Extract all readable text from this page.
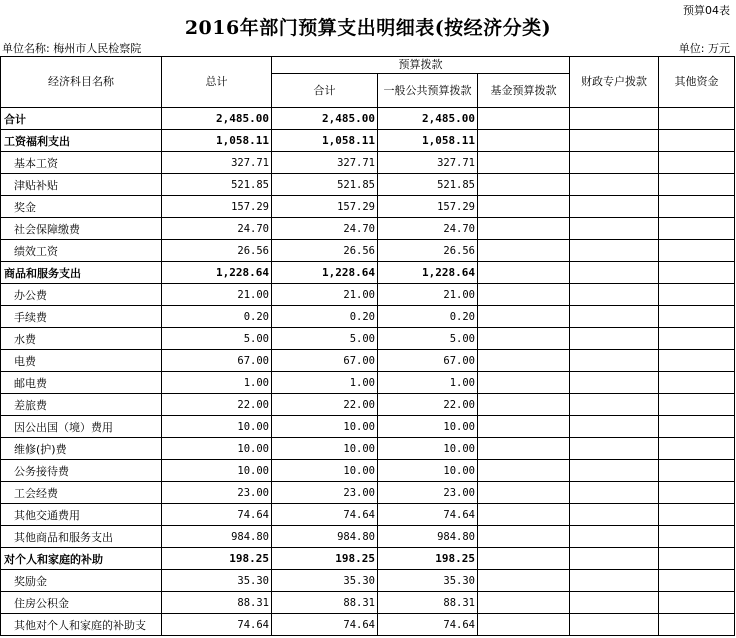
预算04表
2016年部门预算支出明细表(按经济分类)
单位名称: 梅州市人民检察院	单位: 万元
经济科目名称	总计	预算拨款			财政专户拨款	其他资金
		合计	一般公共预算拨款	基金预算拨款		
合计	2,485.00	2,485.00	2,485.00			
工资福利支出	1,058.11	1,058.11	1,058.11			
基本工资	327.71	327.71	327.71			
津贴补贴	521.85	521.85	521.85			
奖金	157.29	157.29	157.29			
社会保障缴费	24.70	24.70	24.70			
绩效工资	26.56	26.56	26.56			
商品和服务支出	1,228.64	1,228.64	1,228.64			
办公费	21.00	21.00	21.00			
手续费	0.20	0.20	0.20			
水费	5.00	5.00	5.00			
电费	67.00	67.00	67.00			
邮电费	1.00	1.00	1.00			
差旅费	22.00	22.00	22.00			
因公出国（境）费用	10.00	10.00	10.00			
维修(护)费	10.00	10.00	10.00			
公务接待费	10.00	10.00	10.00			
工会经费	23.00	23.00	23.00			
其他交通费用	74.64	74.64	74.64			
其他商品和服务支出	984.80	984.80	984.80			
对个人和家庭的补助	198.25	198.25	198.25			
奖励金	35.30	35.30	35.30			
住房公积金	88.31	88.31	88.31			
其他对个人和家庭的补助支	74.64	74.64	74.64			
